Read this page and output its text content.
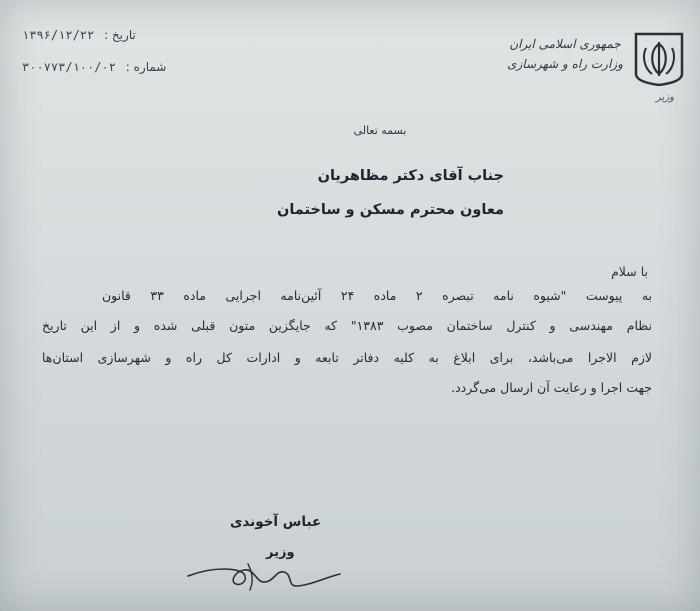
تاریخ : ۱۳۹۶/۱۲/۲۲
شماره : ۳۰۰۷۷۳/۱۰۰/۰۲
جمهوری اسلامی ایران
وزارت راه و شهرسازی
وزیر
بسمه تعالی
جناب آقای دکتر مظاهریان
معاون محترم مسکن و ساختمان
با سلام
به پیوست "شیوه نامه تبصره ۲ ماده ۲۴ آئین‌نامه اجرایی ماده ۳۳ قانون
نظام مهندسی و کنترل ساختمان مصوب ۱۳۸۳" که جایگزین متون قبلی شده و از این تاریخ
لازم الاجرا می‌باشد، برای ابلاغ به کلیه دفاتر تابعه و ادارات کل راه و شهرسازی استان‌ها
جهت اجرا و رعایت آن ارسال می‌گردد.
عباس آخوندی
وزیر
